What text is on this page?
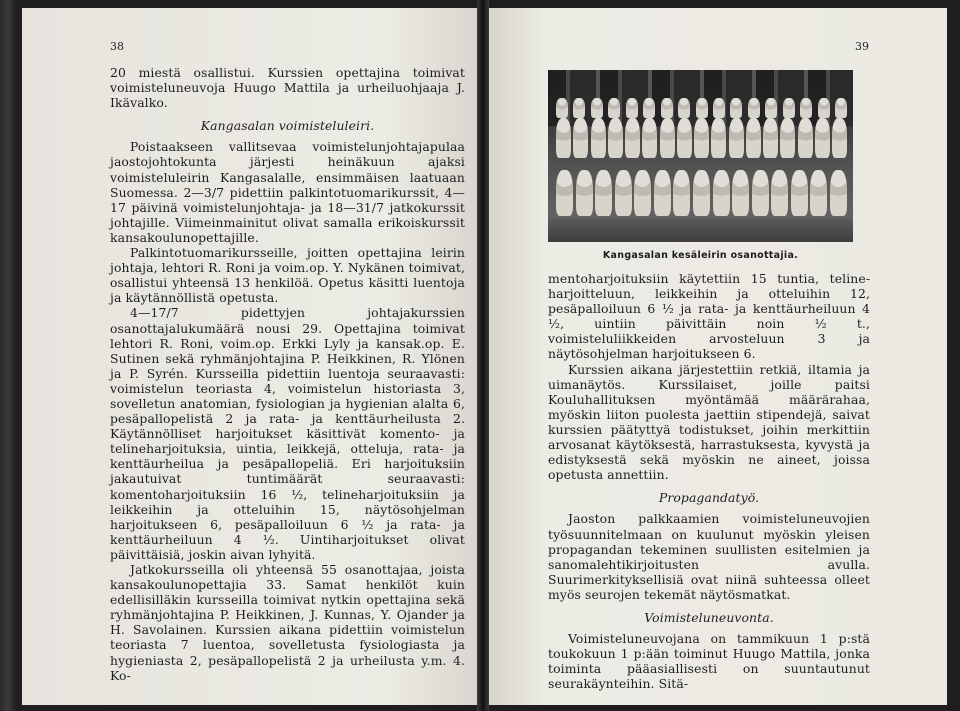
38

20 miestä osallistui. Kurssien opettajina toimivat voimisteluneuvoja Huugo Mattila ja urheiluohjaaja J. Ikävalko.

Kangasalan voimisteluleiri.

Poistaakseen vallitsevaa voimistelunjohtajapulaa jaostojohtokunta järjesti heinäkuun ajaksi voimisteluleirin Kangasalalle, ensimmäisen laatuaan Suomessa. 2—3/7 pidettiin palkintotuomarikurssit, 4—17 päivinä voimistelunjohtaja- ja 18—31/7 jatkokurssit johtajille. Viimeinmainitut olivat samalla erikoiskurssit kansakoulunopettajille.

Palkintotuomarikursseille, joitten opettajina leirin johtaja, lehtori R. Roni ja voim.op. Y. Nykänen toimivat, osallistui yhteensä 13 henkilöä. Opetus käsitti luentoja ja käytännöllistä opetusta.

4—17/7 pidettyjen johtajakurssien osanottajalukumäärä nousi 29. Opettajina toimivat lehtori R. Roni, voim.op. Erkki Lyly ja kansak.op. E. Sutinen sekä ryhmänjohtajina P. Heikkinen, R. Ylönen ja P. Syrén. Kursseilla pidettiin luentoja seuraavasti: voimistelun teoriasta 4, voimistelun historiasta 3, sovelletun anatomian, fysiologian ja hygienian alalta 6, pesäpallopelistä 2 ja rata- ja kenttäurheilusta 2. Käytännölliset harjoitukset käsittivät komento- ja telineharjoituksia, uintia, leikkejä, otteluja, rata- ja kenttäurheilua ja pesäpallopeliä. Eri harjoituksiin jakautuivat tuntimäärät seuraavasti: komentoharjoituksiin 16 ½, telineharjoituksiin ja leikkeihin ja otteluihin 15, näytösohjelman harjoitukseen 6, pesäpalloiluun 6 ½ ja rata- ja kenttäurheiluun 4 ½. Uintiharjoitukset olivat päivittäisiä, joskin aivan lyhyitä.

Jatkokursseilla oli yhteensä 55 osanottajaa, joista kansakoulunopettajia 33. Samat henkilöt kuin edellisilläkin kursseilla toimivat nytkin opettajina sekä ryhmänjohtajina P. Heikkinen, J. Kunnas, Y. Ojander ja H. Savolainen. Kurssien aikana pidettiin voimistelun teoriasta 7 luentoa, sovelletusta fysiologiasta ja hygieniasta 2, pesäpallopelistä 2 ja urheilusta y.m. 4. Ko-

39
Kangasalan kesäleirin osanottajia.

mentoharjoituksiin käytettiin 15 tuntia, telineharjoitteluun, leikkeihin ja otteluihin 12, pesäpalloiluun 6 ½ ja rata- ja kenttäurheiluun 4 ½, uintiin päivittäin noin ½ t., voimisteluliikkeiden arvosteluun 3 ja näytösohjelman harjoitukseen 6.

Kurssien aikana järjestettiin retkiä, iltamia ja uimanäytös. Kurssilaiset, joille paitsi Kouluhallituksen myöntämää määrärahaa, myöskin liiton puolesta jaettiin stipendejä, saivat kurssien päätyttyä todistukset, joihin merkittiin arvosanat käytöksestä, harrastuksesta, kyvystä ja edistyksestä sekä myöskin ne aineet, joissa opetusta annettiin.

Propagandatyö.

Jaoston palkkaamien voimisteluneuvojien työsuunnitelmaan on kuulunut myöskin yleisen propagandan tekeminen suullisten esitelmien ja sanomalehtikirjoitusten avulla. Suurimerkityksellisiä ovat niinä suhteessa olleet myös seurojen tekemät näytösmatkat.

Voimisteluneuvonta.

Voimisteluneuvojana on tammikuun 1 p:stä toukokuun 1 p:ään toiminut Huugo Mattila, jonka toiminta pääasiallisesti on suuntautunut seurakäynteihin. Sitä-
